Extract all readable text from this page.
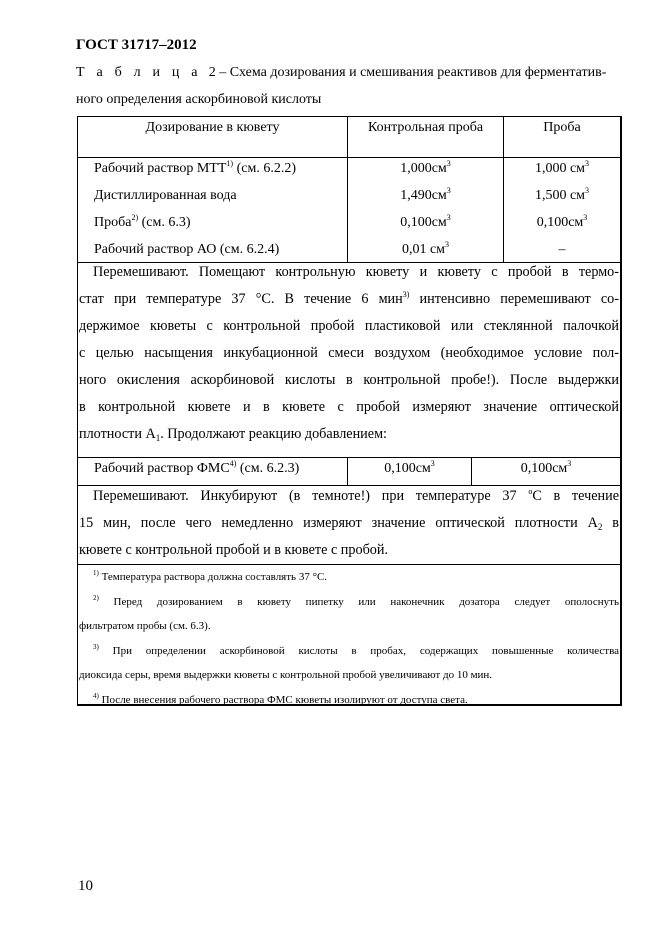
ГОСТ 31717–2012
Т а б л и ц а 2 – Схема дозирования и смешивания реактивов для ферментатив-
ного определения аскорбиновой кислоты
Дозирование в кювету	Контрольная проба	Проба
Рабочий раствор МТТ$^{1)}$ (см. 6.2.2)	$1,000см^3$	1,000 $см^3$
Дистиллированная вода	$1,490см^3$	1,500 $см^3$
Проба$^{2)}$ (см. 6.3)	$0,100см^3$	$0,100см^3$
Рабочий раствор АО (см. 6.2.4)	0,01 $см^3$	–
Перемешивают. Помещают контрольную кювету и кювету с пробой в термо-
стат при температуре 37 °С. В течение 6 мин$^{3)}$ интенсивно перемешивают со-
держимое кюветы с контрольной пробой пластиковой или стеклянной палочкой
с целью насыщения инкубационной смеси воздухом (необходимое условие пол-
ного окисления аскорбиновой кислоты в контрольной пробе!). После выдержки
в контрольной кювете и в кювете с пробой измеряют значение оптической
плотности $А_1$. Продолжают реакцию добавлением:
Рабочий раствор ФМС$^{4)}$ (см. 6.2.3)	$0,100см^3$	$0,100см^3$
Перемешивают. Инкубируют (в темноте!) при температуре 37 $^о$С в течение
15 мин, после чего немедленно измеряют значение оптической плотности $А_2$ в
кювете с контрольной пробой и в кювете с пробой.
$^{1)}$ Температура раствора должна составлять 37 °С.
$^{2)}$ Перед дозированием в кювету пипетку или наконечник дозатора следует ополоснуть
фильтратом пробы (см. 6.3).
$^{3)}$ При определении аскорбиновой кислоты в пробах, содержащих повышенные количества
диоксида серы, время выдержки кюветы с контрольной пробой увеличивают до 10 мин.
$^{4)}$ После внесения рабочего раствора ФМС кюветы изолируют от доступа света.
10
